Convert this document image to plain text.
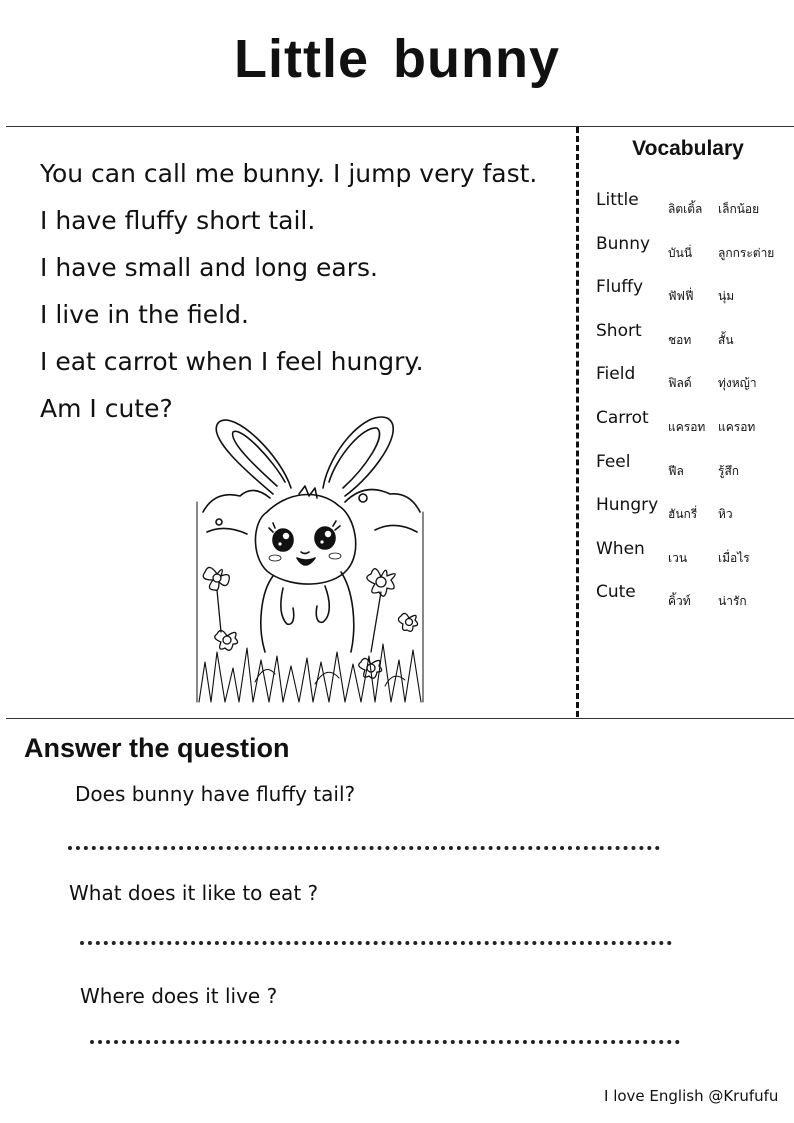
Little bunny
You can call me bunny. I jump very fast.
I have fluffy short tail.
I have small and long ears.
I live in the field.
I eat carrot when I feel hungry.
Am I cute?
Vocabulary
Little ลิตเติ้ล เล็กน้อย
Bunny บันนี่ ลูกกระต่าย
Fluffy ฟัฟฟี่ นุ่ม
Short ชอท สั้น
Field	ฟิลด์ ทุ่งหญ้า
Carrot แครอท แครอท
Feel	ฟีล	รู้สึก
Hungry ฮันกรี่ หิว
When เวน	เมื่อไร
Cute	คิ้วท์ น่ารัก
Answer the question
Does bunny have fluffy tail?
What does it like to eat ?
Where does it live ?
I love English @Krufufu
